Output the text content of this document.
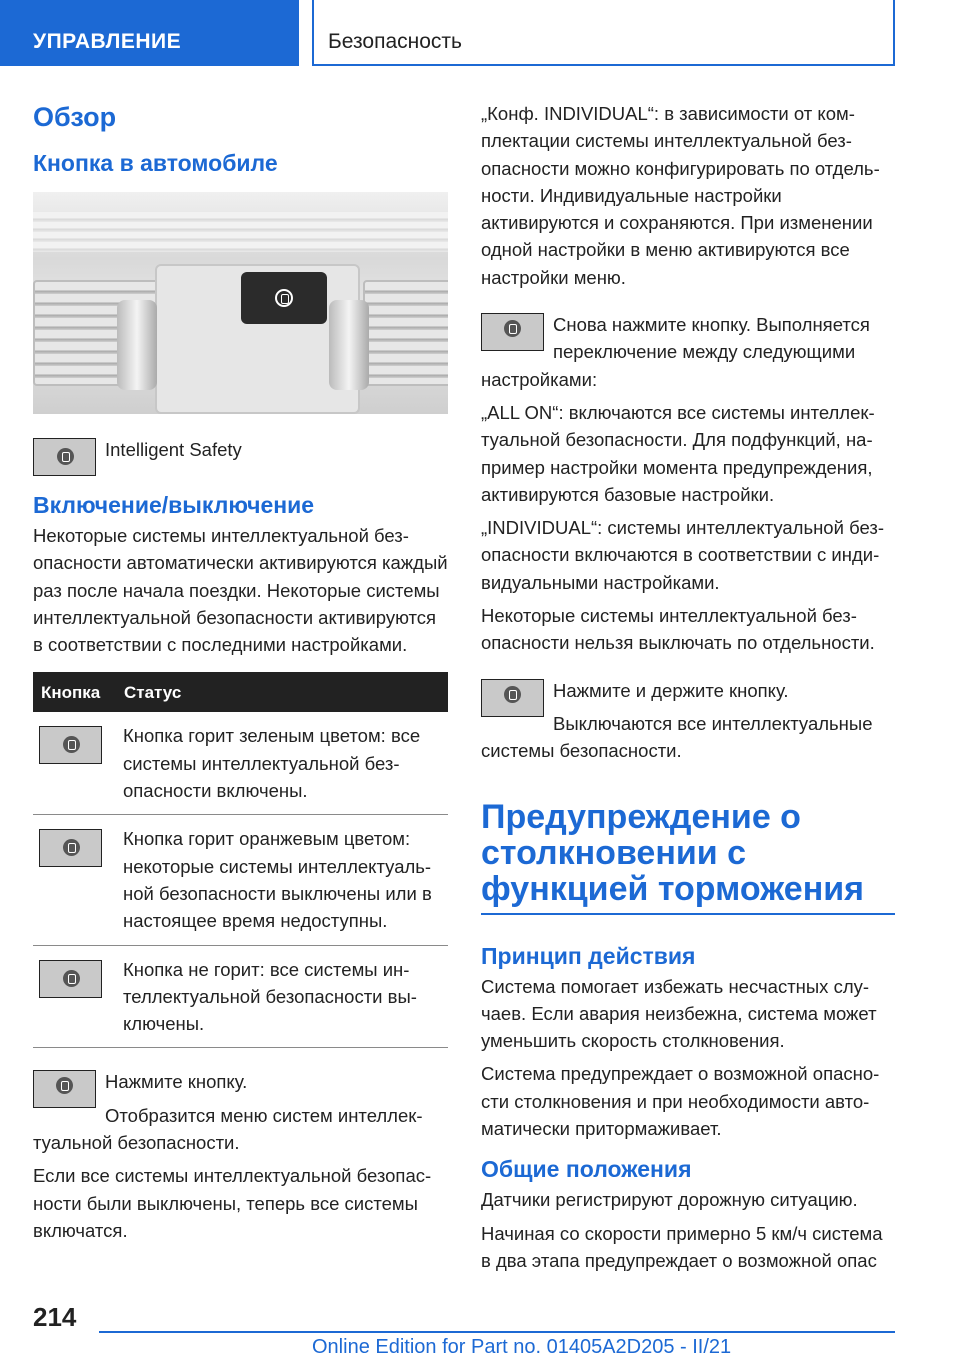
УПРАВЛЕНИЕ	Безопасность
Обзор
Кнопка в автомобиле
Intelligent Safety
Включение/выключение

Некоторые системы интеллектуальной безопасности автоматически активируются каждый раз после начала поездки. Некоторые системы интеллектуальной безопасности активируются в соответствии с последними настройками.

Кнопка	Статус
	Кнопка горит зеленым цветом: все системы интеллектуальной безопасности включены.
	Кнопка горит оранжевым цветом: некоторые системы интеллектуальной безопасности выключены или в настоящее время недоступны.
	Кнопка не горит: все системы интеллектуальной безопасности выключены.
Нажмите кнопку.
Отобразится меню систем интеллектуальной безопасности.

Если все системы интеллектуальной безопасности были выключены, теперь все системы включатся.

„Конф. INDIVIDUAL“: в зависимости от комплектации системы интеллектуальной безопасности можно конфигурировать по отдельности. Индивидуальные настройки активируются и сохраняются. При изменении одной настройки в меню активируются все настройки меню.

Снова нажмите кнопку. Выполняется переключение между следующими настройками:

„ALL ON“: включаются все системы интеллектуальной безопасности. Для подфункций, например настройки момента предупреждения, активируются базовые настройки.

„INDIVIDUAL“: системы интеллектуальной безопасности включаются в соответствии с индивидуальными настройками.

Некоторые системы интеллектуальной безопасности нельзя выключать по отдельности.

Нажмите и держите кнопку.
Выключаются все интеллектуальные системы безопасности.
Предупреждение о столкновении с функцией торможения
Принцип действия

Система помогает избежать несчастных случаев. Если авария неизбежна, система может уменьшить скорость столкновения.

Система предупреждает о возможной опасности столкновения и при необходимости автоматически притормаживает.

Общие положения

Датчики регистрируют дорожную ситуацию.

Начиная со скорости примерно 5 км/ч система в два этапа предупреждает о возможной опас

214
Online Edition for Part no. 01405A2D205 - II/21
